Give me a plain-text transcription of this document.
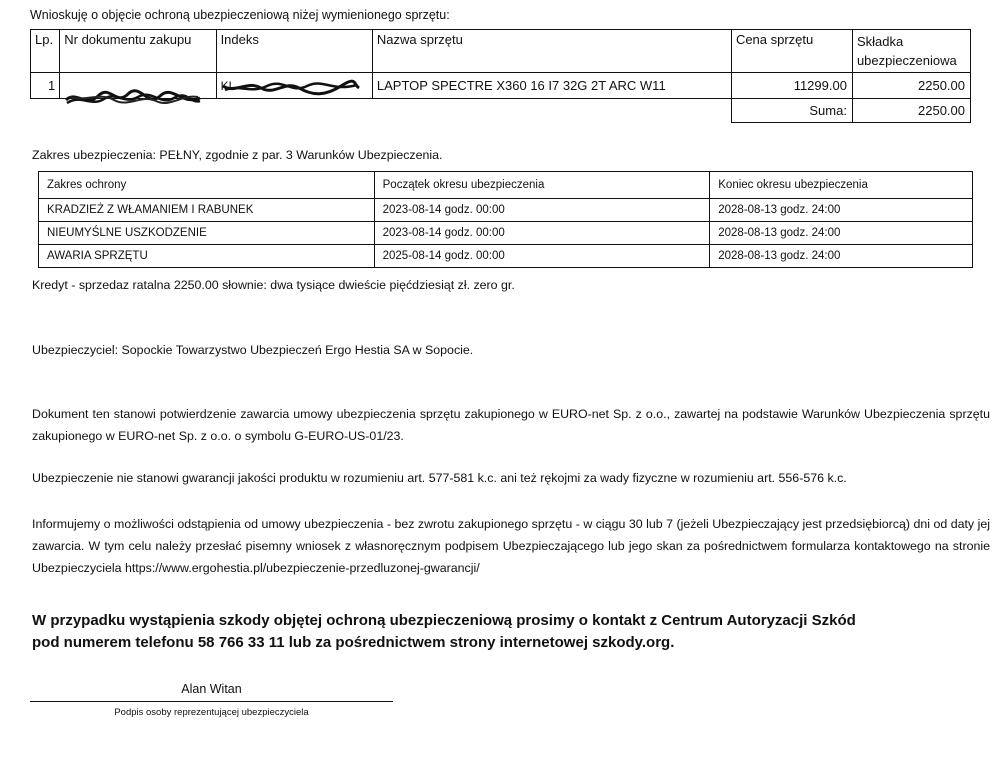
Wnioskuję o objęcie ochroną ubezpieczeniową niżej wymienionego sprzętu:
Lp.	Nr dokumentu zakupu	Indeks	Nazwa sprzętu	Cena sprzętu	Składka ubezpieczeniowa
1		KL	LAPTOP SPECTRE X360 16 I7 32G 2T ARC W11	11299.00	2250.00
				Suma:	2250.00
Zakres ubezpieczenia: PEŁNY, zgodnie z par. 3 Warunków Ubezpieczenia.
Zakres ochrony	Początek okresu ubezpieczenia	Koniec okresu ubezpieczenia
KRADZIEŻ Z WŁAMANIEM I RABUNEK	2023-08-14 godz. 00:00	2028-08-13 godz. 24:00
NIEUMYŚLNE USZKODZENIE	2023-08-14 godz. 00:00	2028-08-13 godz. 24:00
AWARIA SPRZĘTU	2025-08-14 godz. 00:00	2028-08-13 godz. 24:00
Kredyt - sprzedaz ratalna 2250.00 słownie: dwa tysiące dwieście pięćdziesiąt zł. zero gr.
Ubezpieczyciel: Sopockie Towarzystwo Ubezpieczeń Ergo Hestia SA w Sopocie.
Dokument ten stanowi potwierdzenie zawarcia umowy ubezpieczenia sprzętu zakupionego w EURO-net Sp. z o.o., zawartej na podstawie Warunków Ubezpieczenia sprzętu zakupionego w EURO-net Sp. z o.o. o symbolu G-EURO-US-01/23.
Ubezpieczenie nie stanowi gwarancji jakości produktu w rozumieniu art. 577-581 k.c. ani też rękojmi za wady fizyczne w rozumieniu art. 556-576 k.c.
Informujemy o możliwości odstąpienia od umowy ubezpieczenia - bez zwrotu zakupionego sprzętu - w ciągu 30 lub 7 (jeżeli Ubezpieczający jest przedsiębiorcą) dni od daty jej zawarcia. W tym celu należy przesłać pisemny wniosek z własnoręcznym podpisem Ubezpieczającego lub jego skan za pośrednictwem formularza kontaktowego na stronie Ubezpieczyciela https://www.ergohestia.pl/ubezpieczenie-przedluzonej-gwarancji/
W przypadku wystąpienia szkody objętej ochroną ubezpieczeniową prosimy o kontakt z Centrum Autoryzacji Szkód
pod numerem telefonu 58 766 33 11 lub za pośrednictwem strony internetowej szkody.org.
Alan Witan
Podpis osoby reprezentującej ubezpieczyciela
